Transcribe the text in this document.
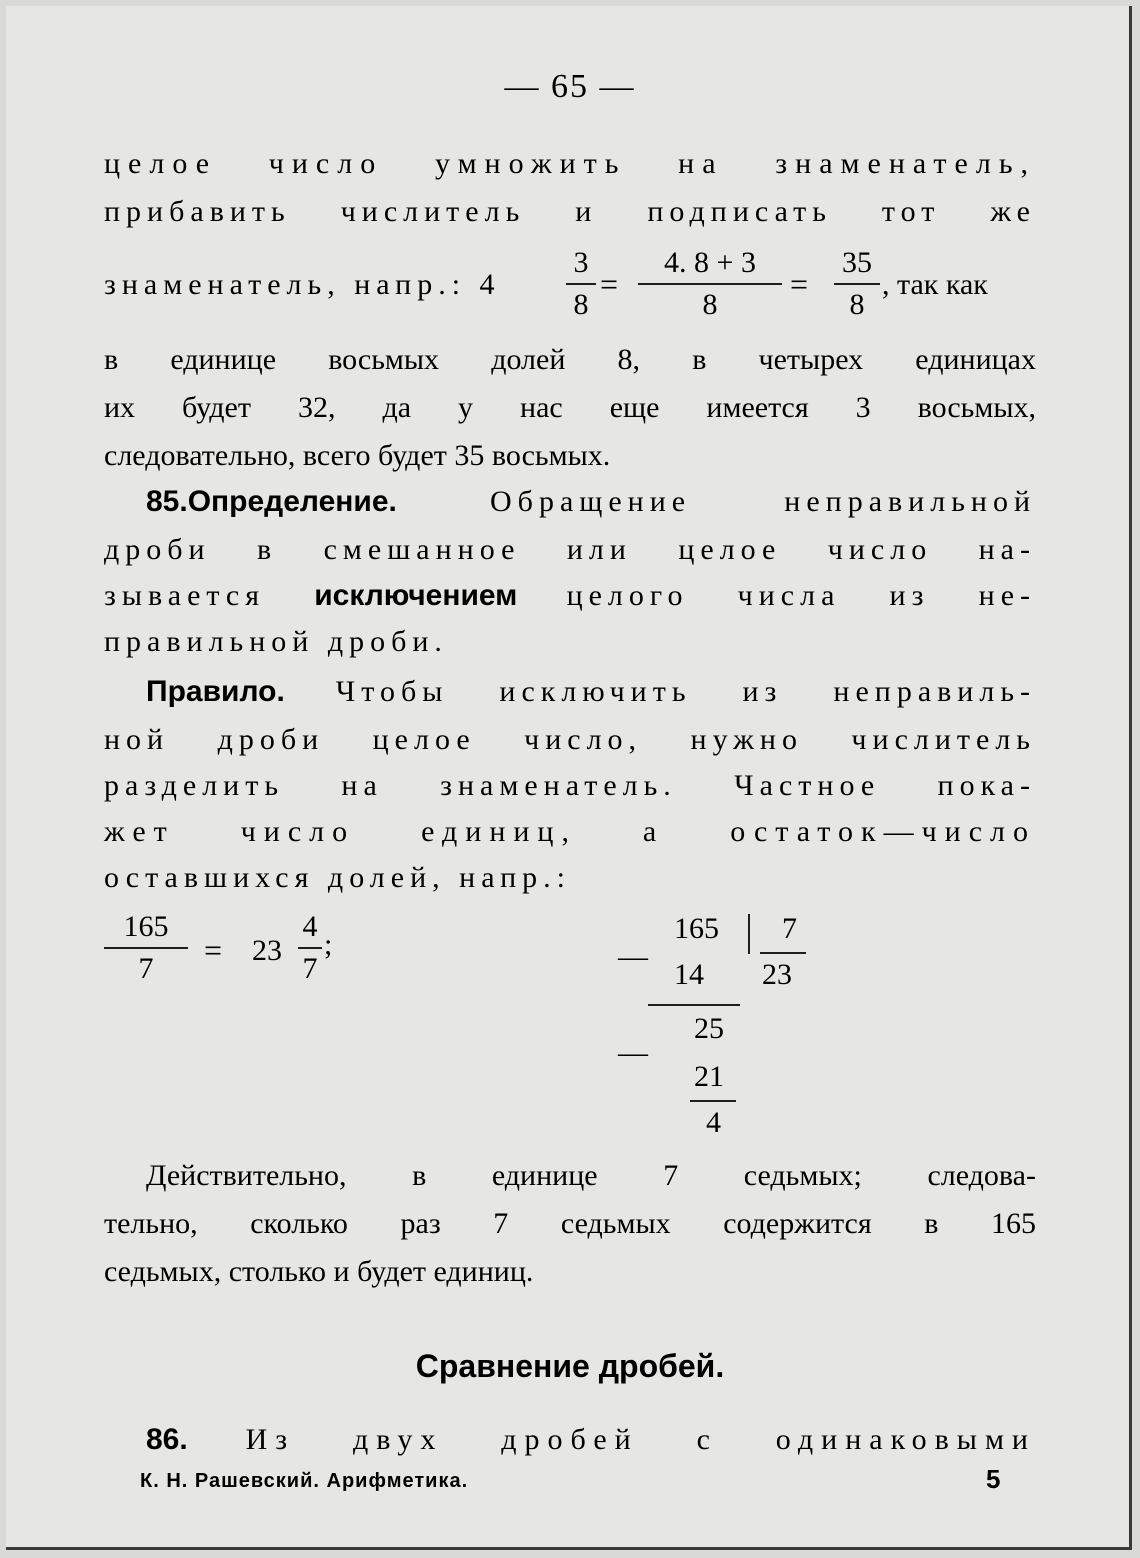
— 65 —
целое число умножить на знаменатель,
прибавить числитель и подписать тот же
знаменатель, напр.: 4
3
8
=
4. 8 + 3
8
=
35
8
, так как
в единице восьмых долей 8, в четырех единицах
их будет 32, да у нас еще имеется 3 восьмых,
следовательно, всего будет 35 восьмых.
85.Определение. Обращение неправильной
дроби в смешанное или целое число на-
зывается исключением целого числа из не-
правильной дроби.
Правило. Чтобы исключить из неправиль-
ной дроби целое число, нужно числитель
разделить на знаменатель. Частное пока-
жет число единиц, а остаток—число
оставшихся долей, напр.:
165
7
= 23
4
7
;	165 7
23
—
14
25
—
21
4
Действительно, в единице 7 седьмых; следова-
тельно, сколько раз 7 седьмых содержится в 165
седьмых, столько и будет единиц.
Сравнение дробей.
86. Из двух дробей с одинаковыми
К. Н. Рашевский. Арифметика.	5
